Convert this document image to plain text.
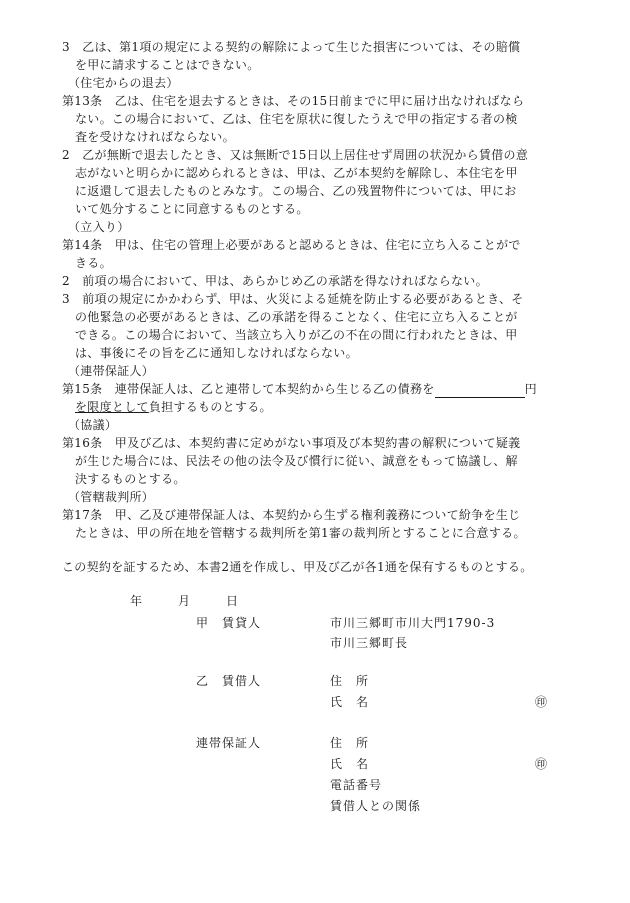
3　乙は、第1項の規定による契約の解除によって生じた損害については、その賠償
を甲に請求することはできない。
（住宅からの退去）
第13条　乙は、住宅を退去するときは、その15日前までに甲に届け出なければなら
ない。この場合において、乙は、住宅を原状に復したうえで甲の指定する者の検
査を受けなければならない。
2　乙が無断で退去したとき、又は無断で15日以上居住せず周囲の状況から賃借の意
志がないと明らかに認められるときは、甲は、乙が本契約を解除し、本住宅を甲
に返還して退去したものとみなす。この場合、乙の残置物件については、甲にお
いて処分することに同意するものとする。
（立入り）
第14条　甲は、住宅の管理上必要があると認めるときは、住宅に立ち入ることがで
きる。
2　前項の場合において、甲は、あらかじめ乙の承諾を得なければならない。
3　前項の規定にかかわらず、甲は、火災による延焼を防止する必要があるとき、そ
の他緊急の必要があるときは、乙の承諾を得ることなく、住宅に立ち入ることが
できる。この場合において、当該立ち入りが乙の不在の間に行われたときは、甲
は、事後にその旨を乙に通知しなければならない。
（連帯保証人）
第15条　連帯保証人は、乙と連帯して本契約から生じる乙の債務を	円
を限度として負担するものとする。
（協議）
第16条　甲及び乙は、本契約書に定めがない事項及び本契約書の解釈について疑義
が生じた場合には、民法その他の法令及び慣行に従い、誠意をもって協議し、解
決するものとする。
（管轄裁判所）
第17条　甲、乙及び連帯保証人は、本契約から生ずる権利義務について紛争を生じ
たときは、甲の所在地を管轄する裁判所を第1審の裁判所とすることに合意する。
この契約を証するため、本書2通を作成し、甲及び乙が各1通を保有するものとする。
年	月	日
甲 賃貸人	市川三郷町市川大門1790-3
市川三郷町長
乙 賃借人	住　所
氏　名	㊞
連帯保証人	住　所
氏　名	㊞
電話番号
賃借人との関係
